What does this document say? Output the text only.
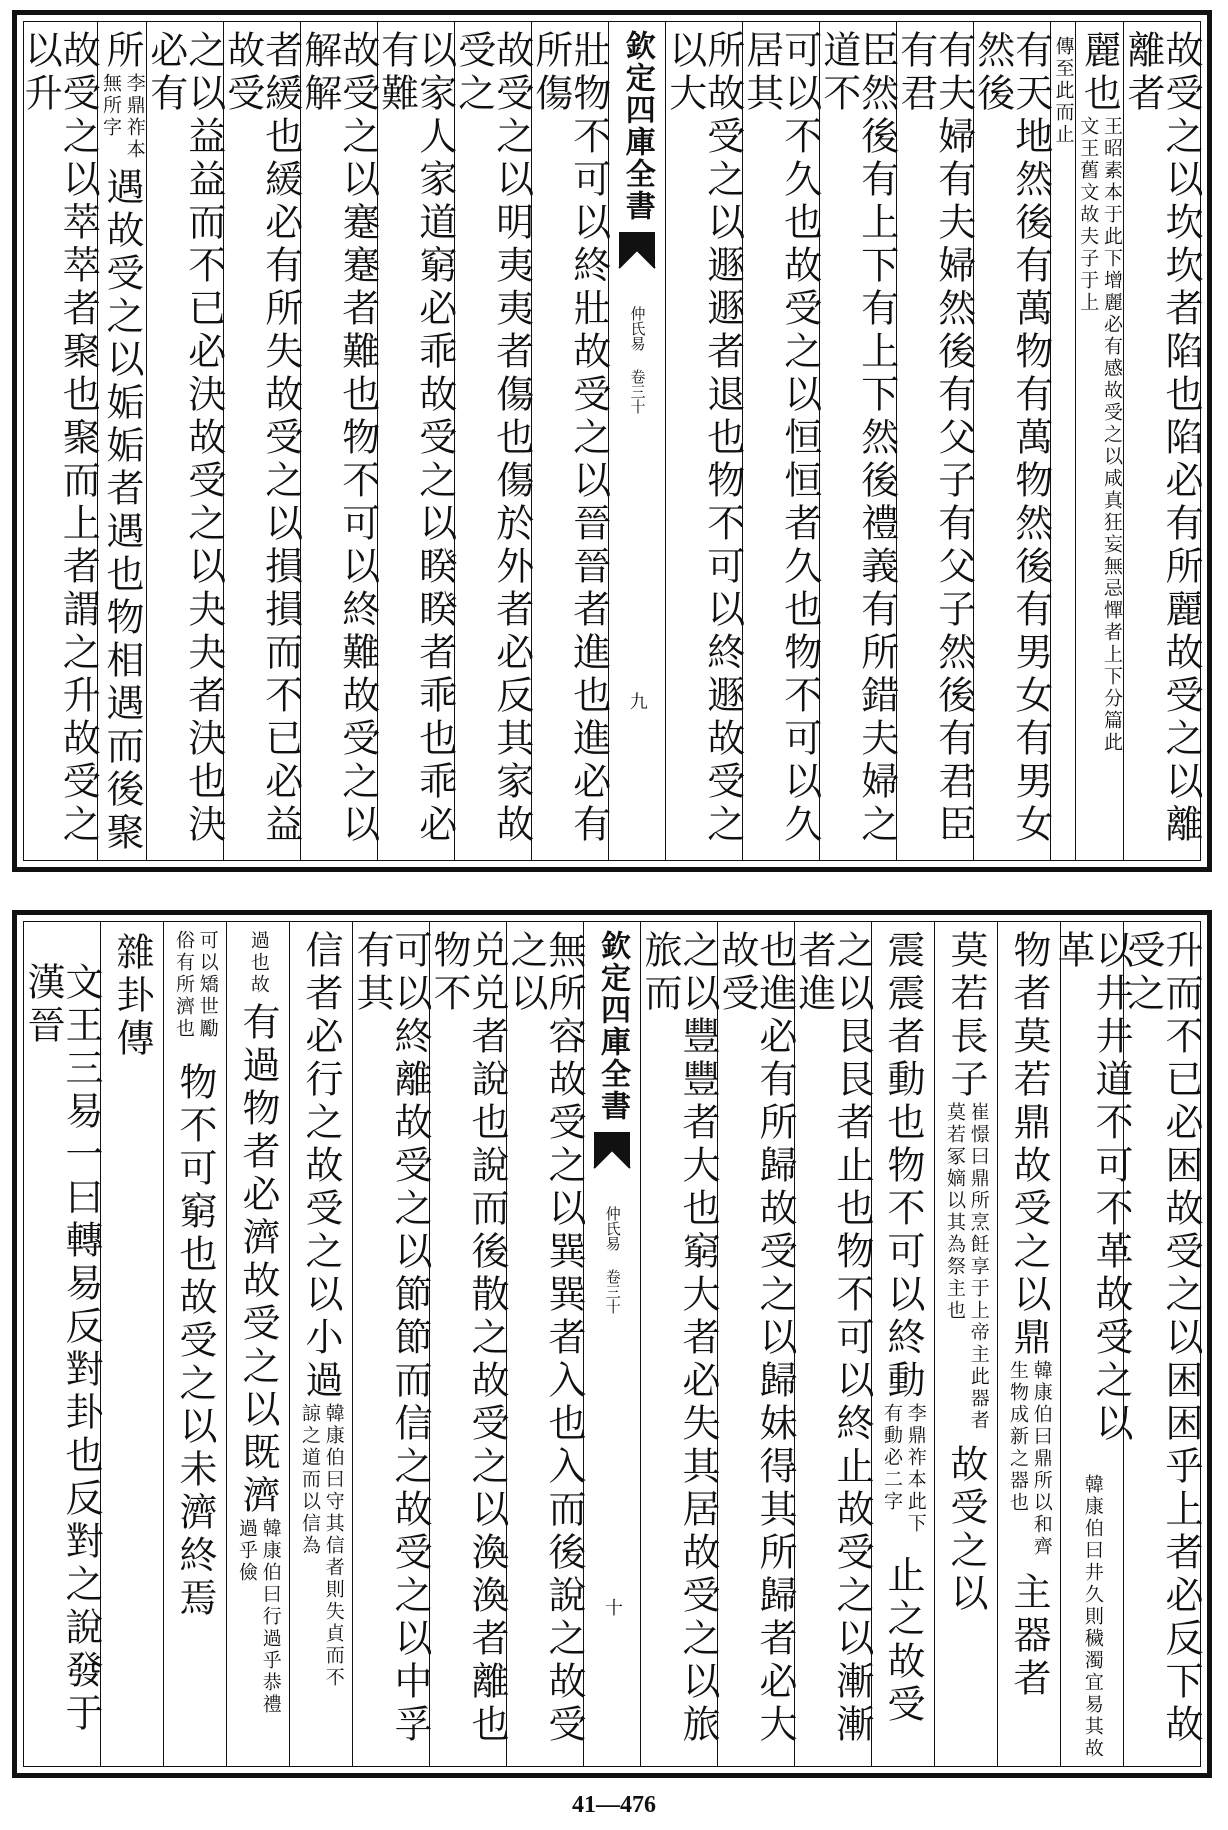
故受之以坎坎者陷也陷必有所麗故受之以離離者
麗也
王昭素本于此下增麗必有感故受之以咸真狂妄無忌憚者上下分篇此文王舊文故夫子于上
傳至此而止
有天地然後有萬物有萬物然後有男女有男女然後
有夫婦有夫婦然後有父子有父子然後有君臣有君
臣然後有上下有上下然後禮義有所錯夫婦之道不
可以不久也故受之以恒恒者久也物不可以久居其
所故受之以遯遯者退也物不可以終遯故受之以大
欽定四庫全書
仲氏易 卷三十
九
壯物不可以終壯故受之以晉晉者進也進必有所傷
故受之以明夷夷者傷也傷於外者必反其家故受之
以家人家道窮必乖故受之以睽睽者乖也乖必有難
故受之以蹇蹇者難也物不可以終難故受之以解解
者緩也緩必有所失故受之以損損而不已必益故受
之以益益而不已必決故受之以夬夬者決也決必有
所
李鼎祚本無所字
遇故受之以姤姤者遇也物相遇而後聚
故受之以萃萃者聚也聚而上者謂之升故受之以升
升而不已必困故受之以困困乎上者必反下故受之
以井井道不可不革故受之以革
韓康伯曰井久則穢濁宜易其故
物者莫若鼎故受之以鼎
韓康伯曰鼎所以和齊生物成新之器也
主器者
莫若長子
崔憬曰鼎所烹飪享于上帝主此器者莫若冢嫡以其為祭主也
故受之以
震震者動也物不可以終動
李鼎祚本此下有動必二字
止之故受
之以艮艮者止也物不可以終止故受之以漸漸者進
也進必有所歸故受之以歸妹得其所歸者必大故受
之以豐豐者大也窮大者必失其居故受之以旅旅而
欽定四庫全書
仲氏易 卷三十
十
無所容故受之以巽巽者入也入而後說之故受之以
兑兑者說也說而後散之故受之以渙渙者離也物不
可以終離故受之以節節而信之故受之以中孚有其
信者必行之故受之以小過
韓康伯曰守其信者則失貞而不諒之道而以信為
過也故
有過物者必濟故受之以既濟
韓康伯曰行過乎恭禮過乎儉
可以矯世勵俗有所濟也
物不可窮也故受之以未濟終焉
雜卦傳
文王三易一曰轉易反對卦也反對之說發于漢晉
41—476
